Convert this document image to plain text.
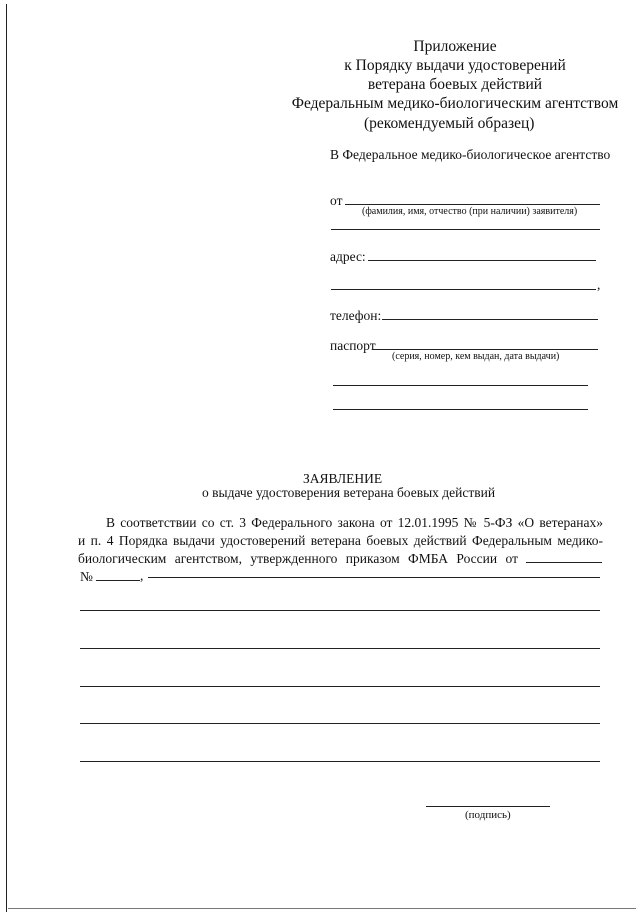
Приложение
к Порядку выдачи удостоверений
ветерана боевых действий
Федеральным медико-биологическим агентством
(рекомендуемый образец)
В Федеральное медико-биологическое агентство
от
(фамилия, имя, отчество (при наличии) заявителя)
адрес:
,
телефон:
паспорт
(серия, номер, кем выдан, дата выдачи)
ЗАЯВЛЕНИЕ
о выдаче удостоверения ветерана боевых действий
В соответствии со ст. 3 Федерального закона от 12.01.1995 № 5-ФЗ «О ветеранах»
и п. 4 Порядка выдачи удостоверений ветерана боевых действий Федеральным медико-
биологическим агентством, утвержденного приказом ФМБА России от
№	,
(подпись)
